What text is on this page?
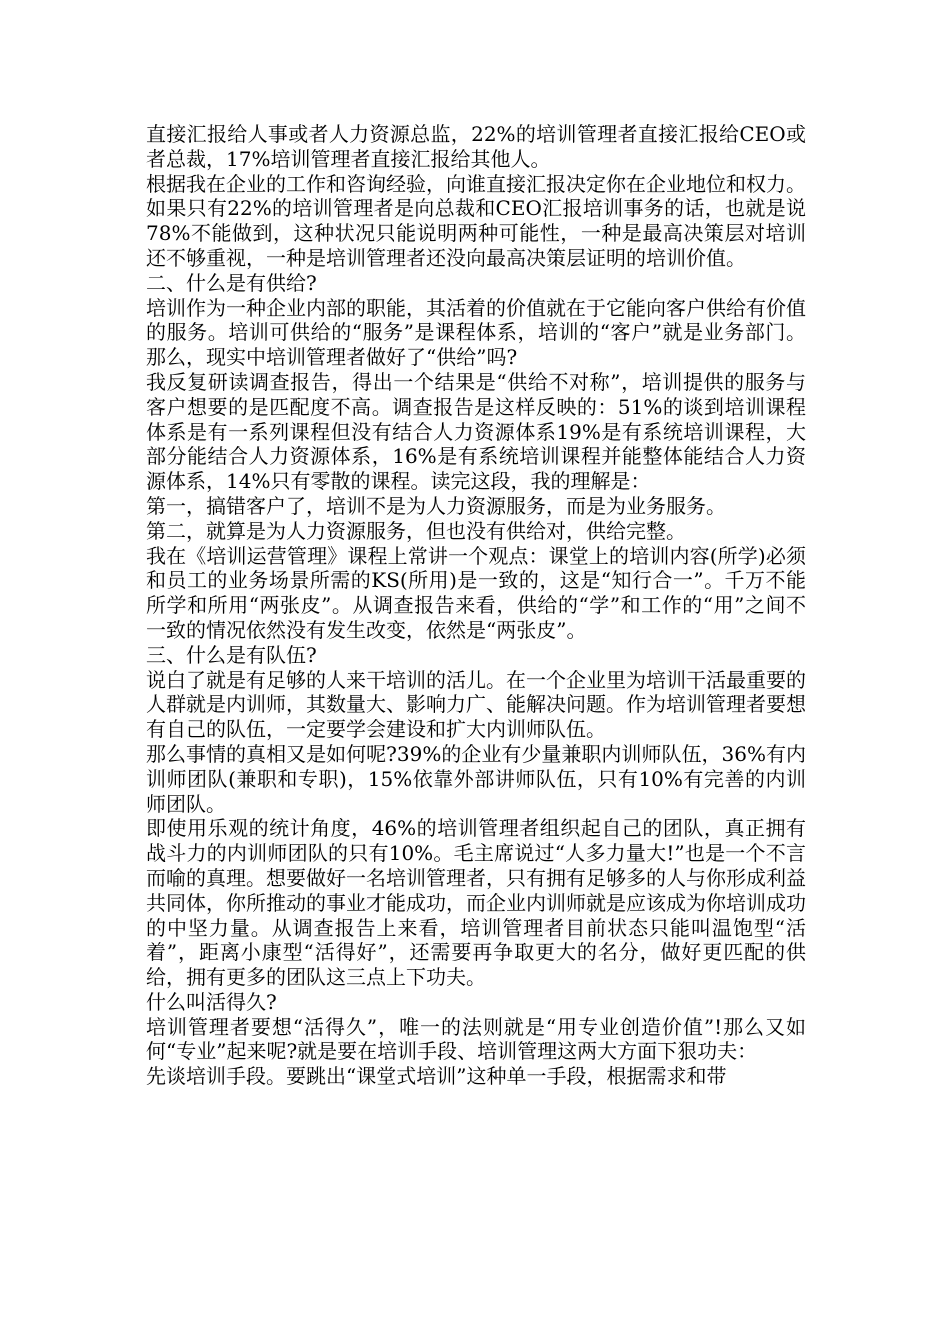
直接汇报给人事或者人力资源总监，22%的培训管理者直接汇报给CEO或者总裁，17%培训管理者直接汇报给其他人。

根据我在企业的工作和咨询经验，向谁直接汇报决定你在企业地位和权力。如果只有22%的培训管理者是向总裁和CEO汇报培训事务的话，也就是说78%不能做到，这种状况只能说明两种可能性，一种是最高决策层对培训还不够重视，一种是培训管理者还没向最高决策层证明的培训价值。

二、什么是有供给?

培训作为一种企业内部的职能，其活着的价值就在于它能向客户供给有价值的服务。培训可供给的“服务”是课程体系，培训的“客户”就是业务部门。那么，现实中培训管理者做好了“供给”吗?

我反复研读调查报告，得出一个结果是“供给不对称”，培训提供的服务与客户想要的是匹配度不高。调查报告是这样反映的：51%的谈到培训课程体系是有一系列课程但没有结合人力资源体系19%是有系统培训课程，大部分能结合人力资源体系，16%是有系统培训课程并能整体能结合人力资源体系，14%只有零散的课程。读完这段，我的理解是：

第一，搞错客户了，培训不是为人力资源服务，而是为业务服务。

第二，就算是为人力资源服务，但也没有供给对，供给完整。

我在《培训运营管理》课程上常讲一个观点：课堂上的培训内容(所学)必须和员工的业务场景所需的KS(所用)是一致的，这是“知行合一”。千万不能所学和所用“两张皮”。从调查报告来看，供给的“学”和工作的“用”之间不一致的情况依然没有发生改变，依然是“两张皮”。

三、什么是有队伍?

说白了就是有足够的人来干培训的活儿。在一个企业里为培训干活最重要的人群就是内训师，其数量大、影响力广、能解决问题。作为培训管理者要想有自己的队伍，一定要学会建设和扩大内训师队伍。

那么事情的真相又是如何呢?39%的企业有少量兼职内训师队伍，36%有内训师团队(兼职和专职)，15%依靠外部讲师队伍，只有10%有完善的内训师团队。

即使用乐观的统计角度，46%的培训管理者组织起自己的团队，真正拥有战斗力的内训师团队的只有10%。毛主席说过“人多力量大!”也是一个不言而喻的真理。想要做好一名培训管理者，只有拥有足够多的人与你形成利益共同体，你所推动的事业才能成功，而企业内训师就是应该成为你培训成功的中坚力量。从调查报告上来看，培训管理者目前状态只能叫温饱型“活着”，距离小康型“活得好”，还需要再争取更大的名分，做好更匹配的供给，拥有更多的团队这三点上下功夫。

什么叫活得久?

培训管理者要想“活得久”，唯一的法则就是“用专业创造价值”!那么又如何“专业”起来呢?就是要在培训手段、培训管理这两大方面下狠功夫：

先谈培训手段。要跳出“课堂式培训”这种单一手段，根据需求和带
